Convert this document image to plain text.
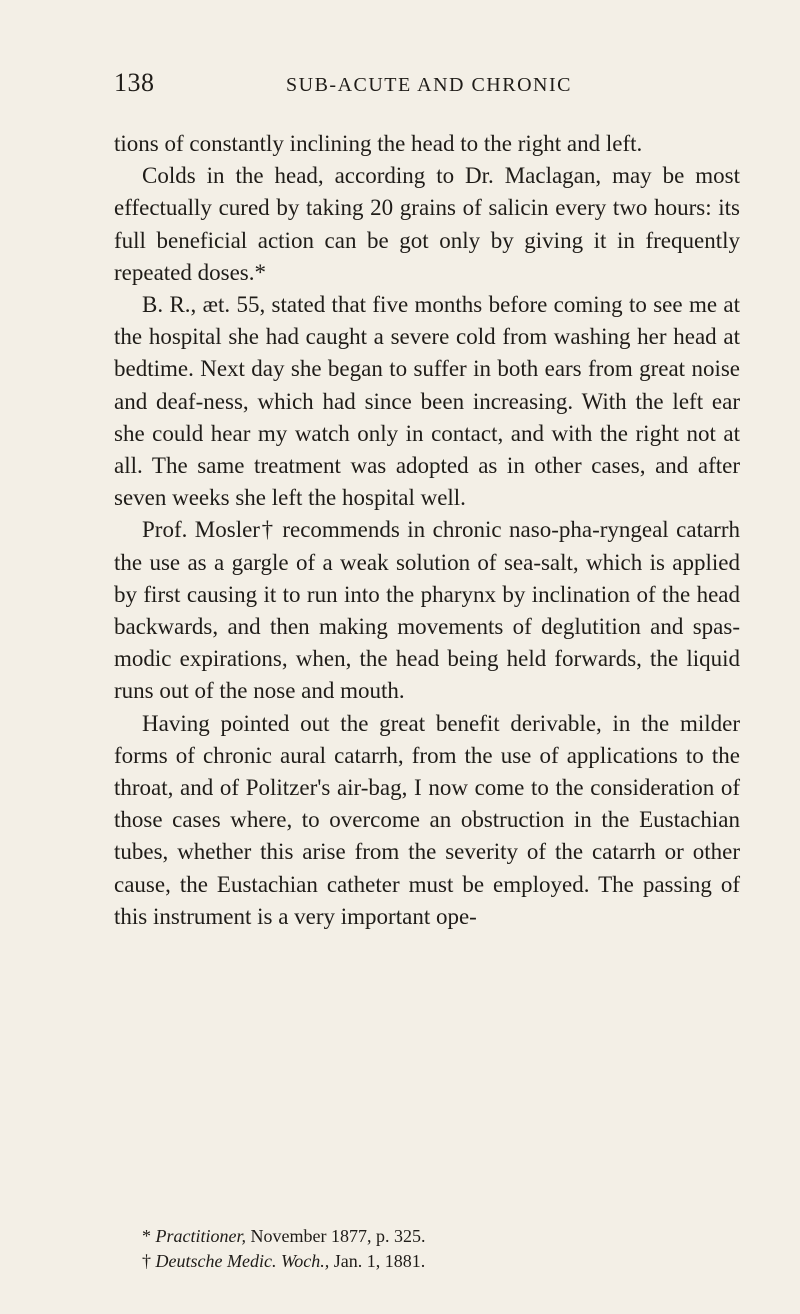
138	SUB-ACUTE AND CHRONIC

tions of constantly inclining the head to the right and left.

Colds in the head, according to Dr. Maclagan, may be most effectually cured by taking 20 grains of salicin every two hours: its full beneficial action can be got only by giving it in frequently repeated doses.*

B. R., æt. 55, stated that five months before coming to see me at the hospital she had caught a severe cold from washing her head at bedtime. Next day she began to suffer in both ears from great noise and deaf-ness, which had since been increasing. With the left ear she could hear my watch only in contact, and with the right not at all. The same treatment was adopted as in other cases, and after seven weeks she left the hospital well.

Prof. Mosler† recommends in chronic naso-pha-ryngeal catarrh the use as a gargle of a weak solution of sea-salt, which is applied by first causing it to run into the pharynx by inclination of the head backwards, and then making movements of deglutition and spas-modic expirations, when, the head being held forwards, the liquid runs out of the nose and mouth.

Having pointed out the great benefit derivable, in the milder forms of chronic aural catarrh, from the use of applications to the throat, and of Politzer's air-bag, I now come to the consideration of those cases where, to overcome an obstruction in the Eustachian tubes, whether this arise from the severity of the catarrh or other cause, the Eustachian catheter must be employed. The passing of this instrument is a very important ope-

* Practitioner, November 1877, p. 325.

† Deutsche Medic. Woch., Jan. 1, 1881.
